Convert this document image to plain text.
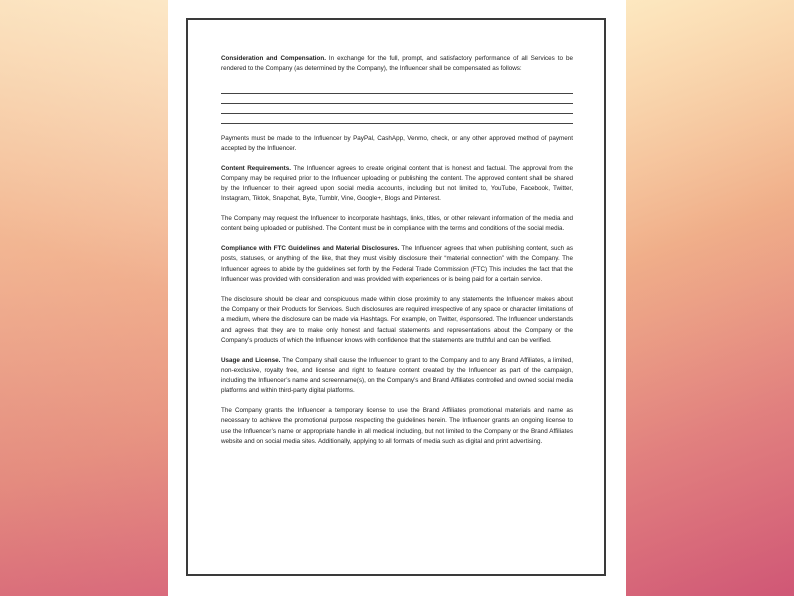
Consideration and Compensation. In exchange for the full, prompt, and satisfactory performance of all Services to be rendered to the Company (as determined by the Company), the Influencer shall be compensated as follows:

Payments must be made to the Influencer by PayPal, CashApp, Venmo, check, or any other approved method of payment accepted by the Influencer.

Content Requirements. The Influencer agrees to create original content that is honest and factual. The approval from the Company may be required prior to the Influencer uploading or publishing the content. The approved content shall be shared by the Influencer to their agreed upon social media accounts, including but not limited to, YouTube, Facebook, Twitter, Instagram, Tiktok, Snapchat, Byte, Tumblr, Vine, Google+, Blogs and Pinterest.

The Company may request the Influencer to incorporate hashtags, links, titles, or other relevant information of the media and content being uploaded or published. The Content must be in compliance with the terms and conditions of the social media.

Compliance with FTC Guidelines and Material Disclosures. The Influencer agrees that when publishing content, such as posts, statuses, or anything of the like, that they must visibly disclosure their “material connection” with the Company. The Influencer agrees to abide by the guidelines set forth by the Federal Trade Commission (FTC) This includes the fact that the Influencer was provided with consideration and was provided with experiences or is being paid for a certain service.

The disclosure should be clear and conspicuous made within close proximity to any statements the Influencer makes about the Company or their Products for Services. Such disclosures are required irrespective of any space or character limitations of a medium, where the disclosure can be made via Hashtags. For example, on Twitter, #sponsored. The Influencer understands and agrees that they are to make only honest and factual statements and representations about the Company or the Company’s products of which the Influencer knows with confidence that the statements are truthful and can be verified.

Usage and License. The Company shall cause the Influencer to grant to the Company and to any Brand Affiliates, a limited, non-exclusive, royalty free, and license and right to feature content created by the Influencer as part of the campaign, including the Influencer’s name and screenname(s), on the Company’s and Brand Affiliates controlled and owned social media platforms and within third-party digital platforms.

The Company grants the Influencer a temporary license to use the Brand Affiliates promotional materials and name as necessary to achieve the promotional purpose respecting the guidelines herein. The Influencer grants an ongoing license to use the Influencer’s name or appropriate handle in all medical including, but not limited to the Company or the Brand Affiliates website and on social media sites. Additionally, applying to all formats of media such as digital and print advertising.
